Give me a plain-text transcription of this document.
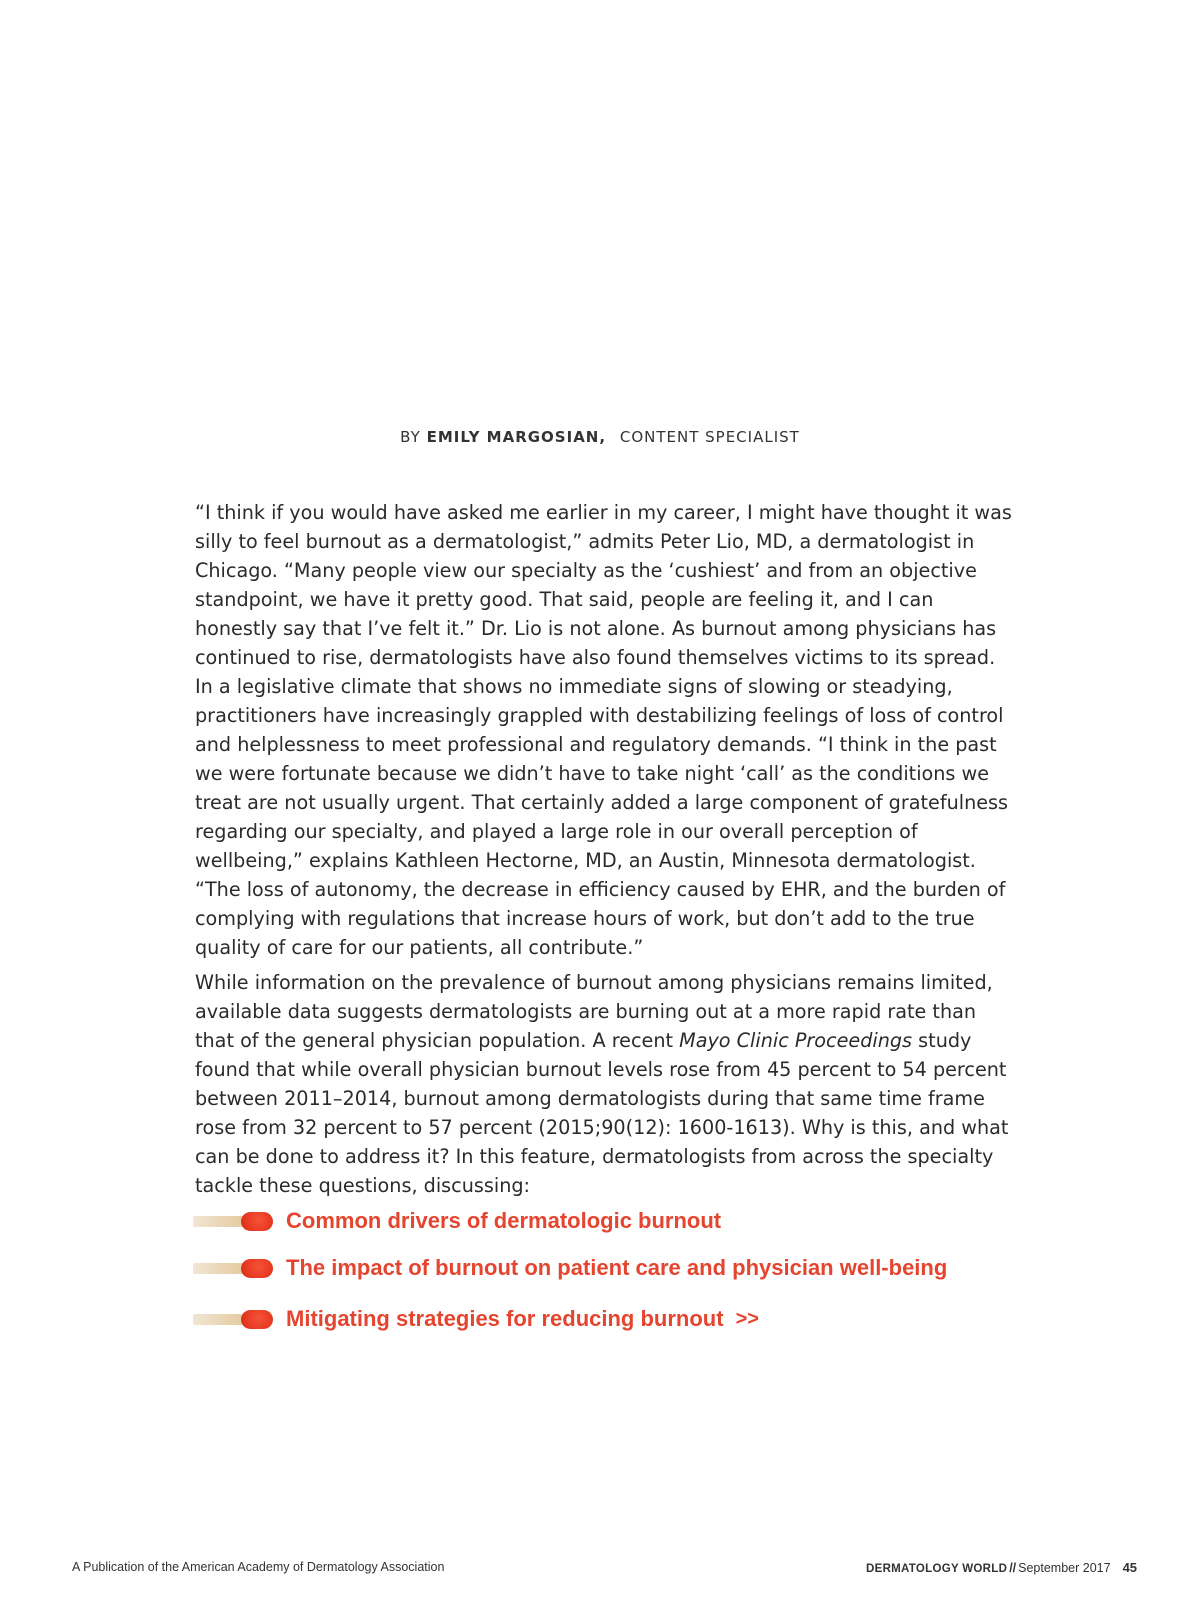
BY EMILY MARGOSIAN, CONTENT SPECIALIST

“I think if you would have asked me earlier in my career, I might have thought it was silly to feel burnout as a dermatologist,” admits Peter Lio, MD, a dermatologist in Chicago. “Many people view our specialty as the ‘cushiest’ and from an objective standpoint, we have it pretty good. That said, people are feeling it, and I can honestly say that I’ve felt it.” Dr. Lio is not alone. As burnout among physicians has continued to rise, dermatologists have also found themselves victims to its spread. In a legislative climate that shows no immediate signs of slowing or steadying, practitioners have increasingly grappled with destabilizing feelings of loss of control and helplessness to meet professional and regulatory demands. “I think in the past we were fortunate because we didn’t have to take night ‘call’ as the conditions we treat are not usually urgent. That certainly added a large component of gratefulness regarding our specialty, and played a large role in our overall perception of wellbeing,” explains Kathleen Hectorne, MD, an Austin, Minnesota dermatologist. “The loss of autonomy, the decrease in efficiency caused by EHR, and the burden of complying with regulations that increase hours of work, but don’t add to the true quality of care for our patients, all contribute.”

While information on the prevalence of burnout among physicians remains limited, available data suggests dermatologists are burning out at a more rapid rate than that of the general physician population. A recent Mayo Clinic Proceedings study found that while overall physician burnout levels rose from 45 percent to 54 percent between 2011–2014, burnout among dermatologists during that same time frame rose from 32 percent to 57 percent (2015;90(12): 1600-1613). Why is this, and what can be done to address it? In this feature, dermatologists from across the specialty tackle these questions, discussing:

Common drivers of dermatologic burnout
The impact of burnout on patient care and physician well-being
Mitigating strategies for reducing burnout >>
A Publication of the American Academy of Dermatology Association	DERMATOLOGY WORLD // September 2017 45
